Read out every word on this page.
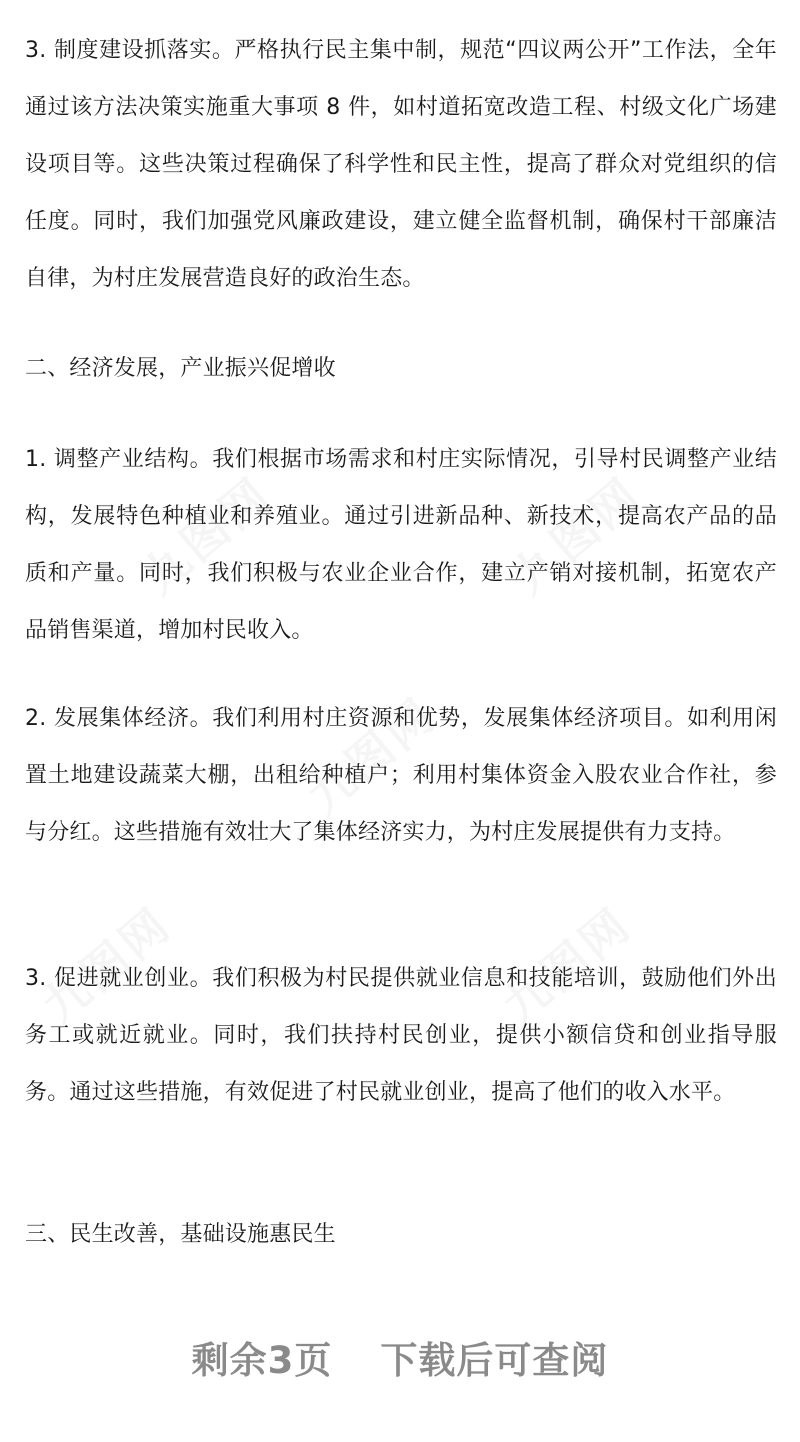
九图网	九图网
九图网
九图网	九图网

3. 制度建设抓落实。严格执行民主集中制，规范“四议两公开”工作法，全年通过该方法决策实施重大事项 8 件，如村道拓宽改造工程、村级文化广场建设项目等。这些决策过程确保了科学性和民主性，提高了群众对党组织的信任度。同时，我们加强党风廉政建设，建立健全监督机制，确保村干部廉洁自律，为村庄发展营造良好的政治生态。

二、经济发展，产业振兴促增收

1. 调整产业结构。我们根据市场需求和村庄实际情况，引导村民调整产业结构，发展特色种植业和养殖业。通过引进新品种、新技术，提高农产品的品质和产量。同时，我们积极与农业企业合作，建立产销对接机制，拓宽农产品销售渠道，增加村民收入。

2. 发展集体经济。我们利用村庄资源和优势，发展集体经济项目。如利用闲置土地建设蔬菜大棚，出租给种植户；利用村集体资金入股农业合作社，参与分红。这些措施有效壮大了集体经济实力，为村庄发展提供有力支持。

3. 促进就业创业。我们积极为村民提供就业信息和技能培训，鼓励他们外出务工或就近就业。同时，我们扶持村民创业，提供小额信贷和创业指导服务。通过这些措施，有效促进了村民就业创业，提高了他们的收入水平。

三、民生改善，基础设施惠民生

剩余3页 下载后可查阅
